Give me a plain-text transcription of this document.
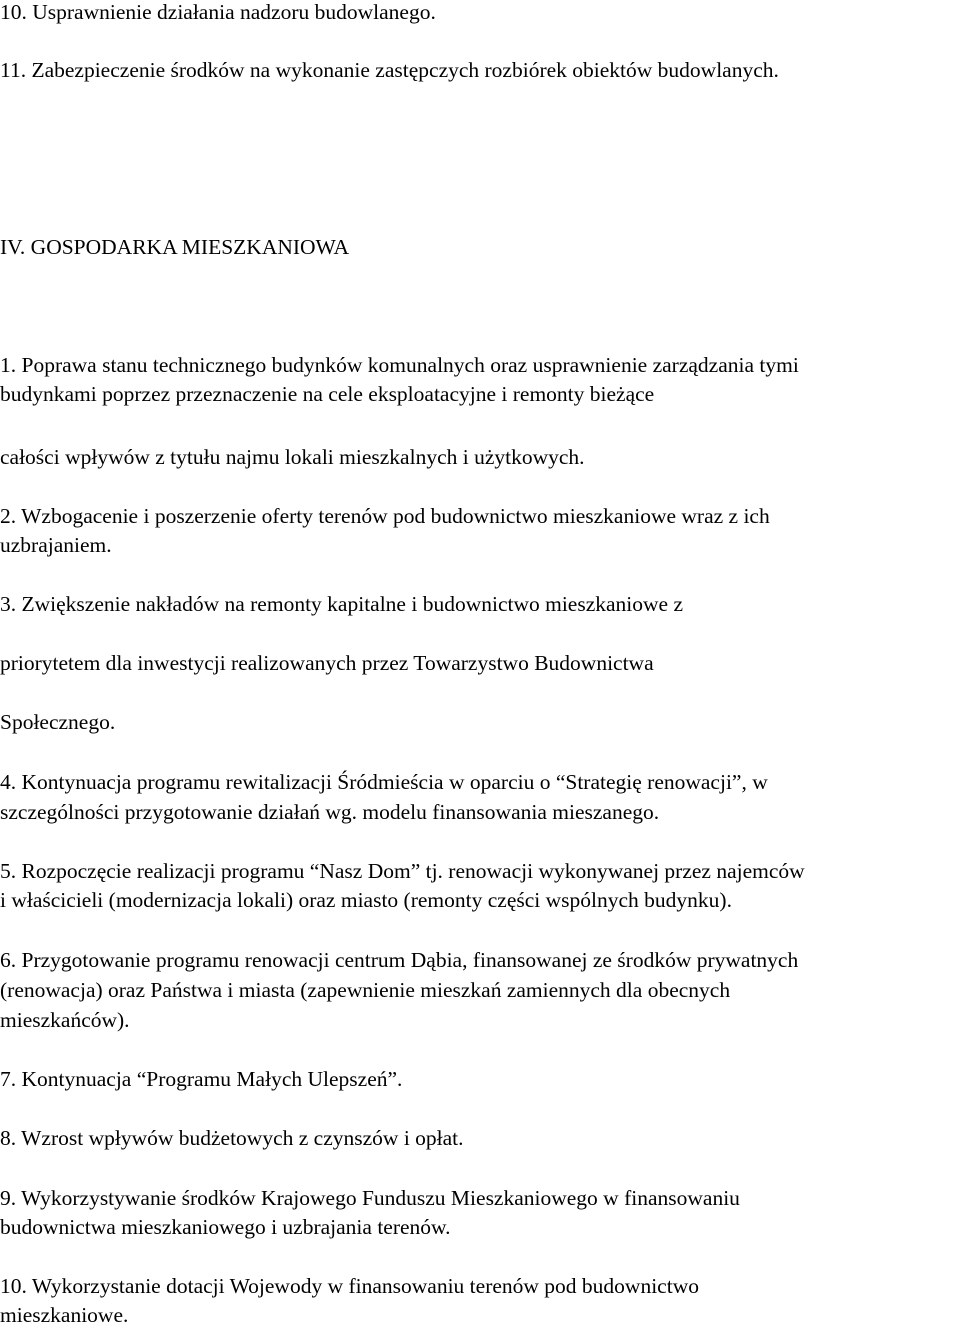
10. Usprawnienie działania nadzoru budowlanego.

11. Zabezpieczenie środków na wykonanie zastępczych rozbiórek obiektów budowlanych.

IV. GOSPODARKA MIESZKANIOWA

1. Poprawa stanu technicznego budynków komunalnych oraz usprawnienie zarządzania tymi

budynkami poprzez przeznaczenie na cele eksploatacyjne i remonty bieżące

całości wpływów z tytułu najmu lokali mieszkalnych i użytkowych.

2. Wzbogacenie i poszerzenie oferty terenów pod budownictwo mieszkaniowe wraz z ich

uzbrajaniem.

3. Zwiększenie nakładów na remonty kapitalne i budownictwo mieszkaniowe z

priorytetem dla inwestycji realizowanych przez Towarzystwo Budownictwa

Społecznego.

4. Kontynuacja programu rewitalizacji Śródmieścia w oparciu o “Strategię renowacji”, w

szczególności przygotowanie działań wg. modelu finansowania mieszanego.

5. Rozpoczęcie realizacji programu “Nasz Dom” tj. renowacji wykonywanej przez najemców

i właścicieli (modernizacja lokali) oraz miasto (remonty części wspólnych budynku).

6. Przygotowanie programu renowacji centrum Dąbia, finansowanej ze środków prywatnych

(renowacja) oraz Państwa i miasta (zapewnienie mieszkań zamiennych dla obecnych

mieszkańców).

7. Kontynuacja “Programu Małych Ulepszeń”.

8. Wzrost wpływów budżetowych z czynszów i opłat.

9. Wykorzystywanie środków Krajowego Funduszu Mieszkaniowego w finansowaniu

budownictwa mieszkaniowego i uzbrajania terenów.

10. Wykorzystanie dotacji Wojewody w finansowaniu terenów pod budownictwo

mieszkaniowe.
